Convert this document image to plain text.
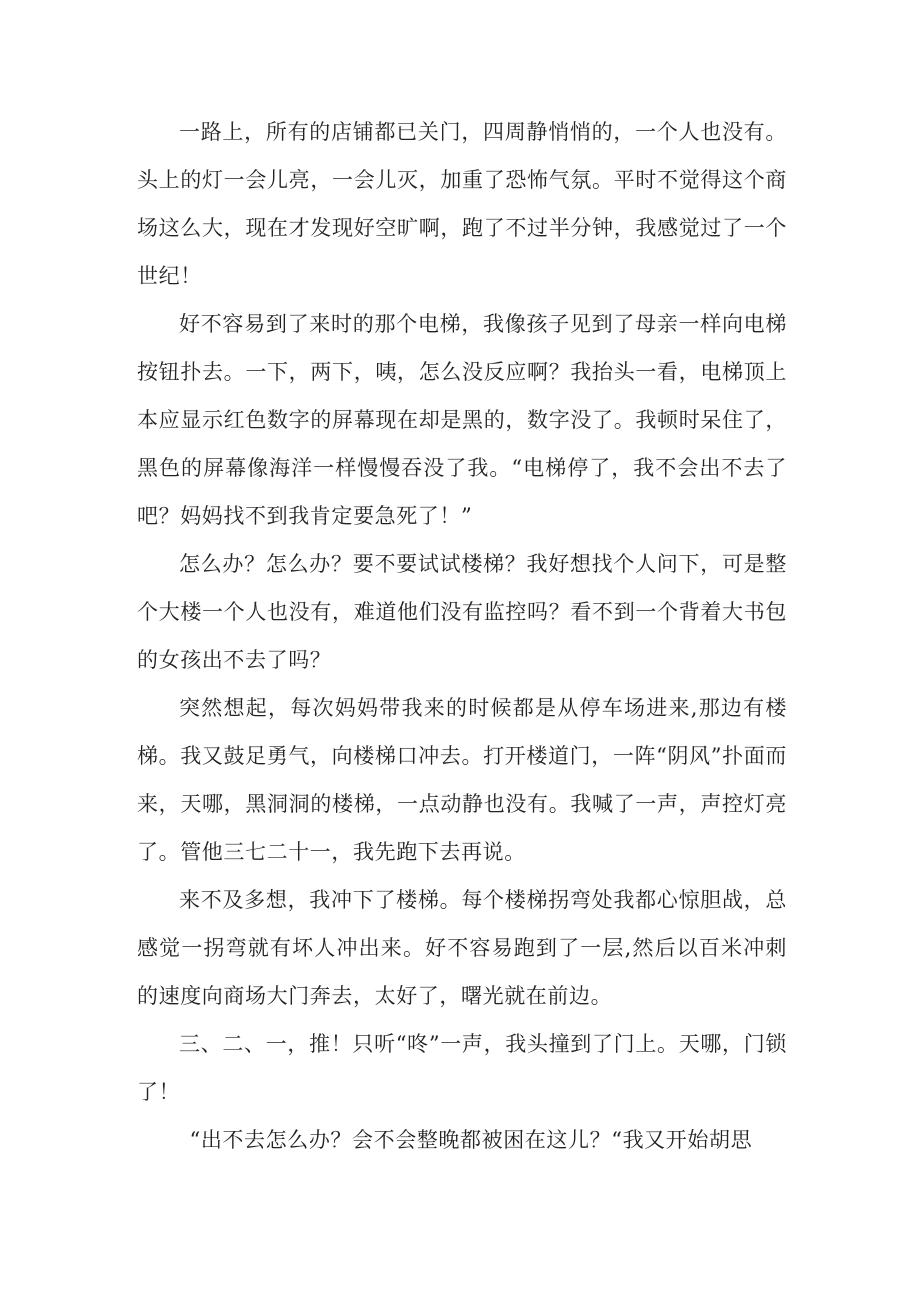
一路上，所有的店铺都已关门，四周静悄悄的，一个人也没有。头上的灯一会儿亮，一会儿灭，加重了恐怖气氛。平时不觉得这个商场这么大，现在才发现好空旷啊，跑了不过半分钟，我感觉过了一个世纪！

好不容易到了来时的那个电梯，我像孩子见到了母亲一样向电梯按钮扑去。一下，两下，咦，怎么没反应啊？我抬头一看，电梯顶上本应显示红色数字的屏幕现在却是黑的，数字没了。我顿时呆住了，黑色的屏幕像海洋一样慢慢吞没了我。“电梯停了，我不会出不去了吧？妈妈找不到我肯定要急死了！”

怎么办？怎么办？要不要试试楼梯？我好想找个人问下，可是整个大楼一个人也没有，难道他们没有监控吗？看不到一个背着大书包的女孩出不去了吗？

突然想起，每次妈妈带我来的时候都是从停车场进来,那边有楼梯。我又鼓足勇气，向楼梯口冲去。打开楼道门，一阵“阴风”扑面而来，天哪，黑洞洞的楼梯，一点动静也没有。我喊了一声，声控灯亮了。管他三七二十一，我先跑下去再说。

来不及多想，我冲下了楼梯。每个楼梯拐弯处我都心惊胆战，总感觉一拐弯就有坏人冲出来。好不容易跑到了一层,然后以百米冲刺的速度向商场大门奔去，太好了，曙光就在前边。

三、二、一，推！只听“咚”一声，我头撞到了门上。天哪，门锁了！

“出不去怎么办？会不会整晚都被困在这儿？“我又开始胡思
